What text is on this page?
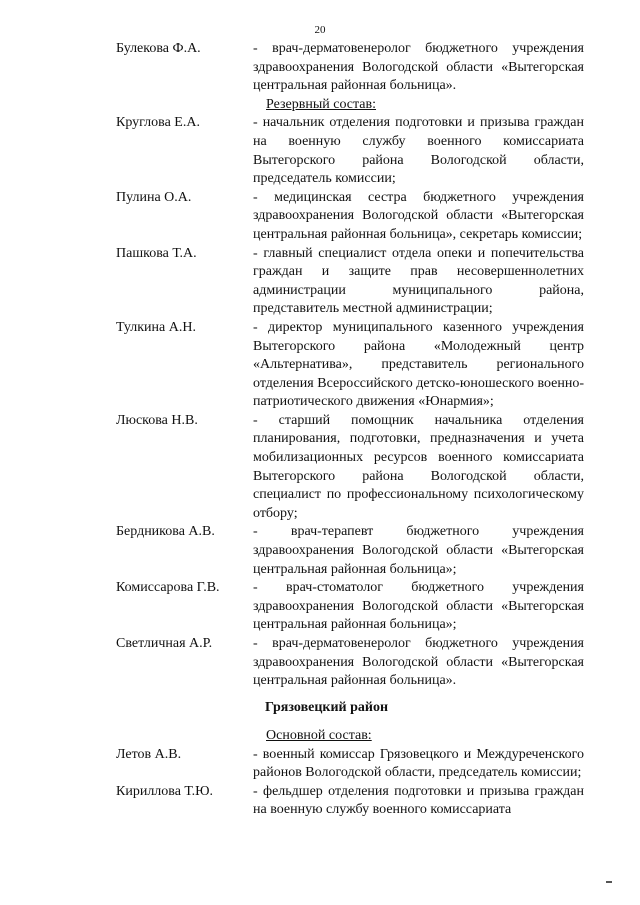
20
Булекова Ф.А.	- врач-дерматовенеролог бюджетного учреждения здравоохранения Вологодской области «Вытегорская центральная районная больница».
Резервный состав:
Круглова Е.А.	- начальник отделения подготовки и призыва граждан на военную службу военного комиссариата Вытегорского района Вологодской области, председатель комиссии;
Пулина О.А.	- медицинская сестра бюджетного учреждения здравоохранения Вологодской области «Вытегорская центральная районная больница», секретарь комиссии;
Пашкова Т.А.	- главный специалист отдела опеки и попечительства граждан и защите прав несовершеннолетних администрации муниципального района, представитель местной администрации;
Тулкина А.Н.	- директор муниципального казенного учреждения Вытегорского района «Молодежный центр «Альтернатива», представитель регионального отделения Всероссийского детско-юношеского военно-патриотического движения «Юнармия»;
Люскова Н.В.	- старший помощник начальника отделения планирования, подготовки, предназначения и учета мобилизационных ресурсов военного комиссариата Вытегорского района Вологодской области, специалист по профессиональному психологическому отбору;
Бердникова А.В.	- врач-терапевт бюджетного учреждения здравоохранения Вологодской области «Вытегорская центральная районная больница»;
Комиссарова Г.В.	- врач-стоматолог бюджетного учреждения здравоохранения Вологодской области «Вытегорская центральная районная больница»;
Светличная А.Р.	- врач-дерматовенеролог бюджетного учреждения здравоохранения Вологодской области «Вытегорская центральная районная больница».
Грязовецкий район
Основной состав:
Летов А.В.	- военный комиссар Грязовецкого и Междуреченского районов Вологодской области, председатель комиссии;
Кириллова Т.Ю.	- фельдшер отделения подготовки и призыва граждан на военную службу военного комиссариата
